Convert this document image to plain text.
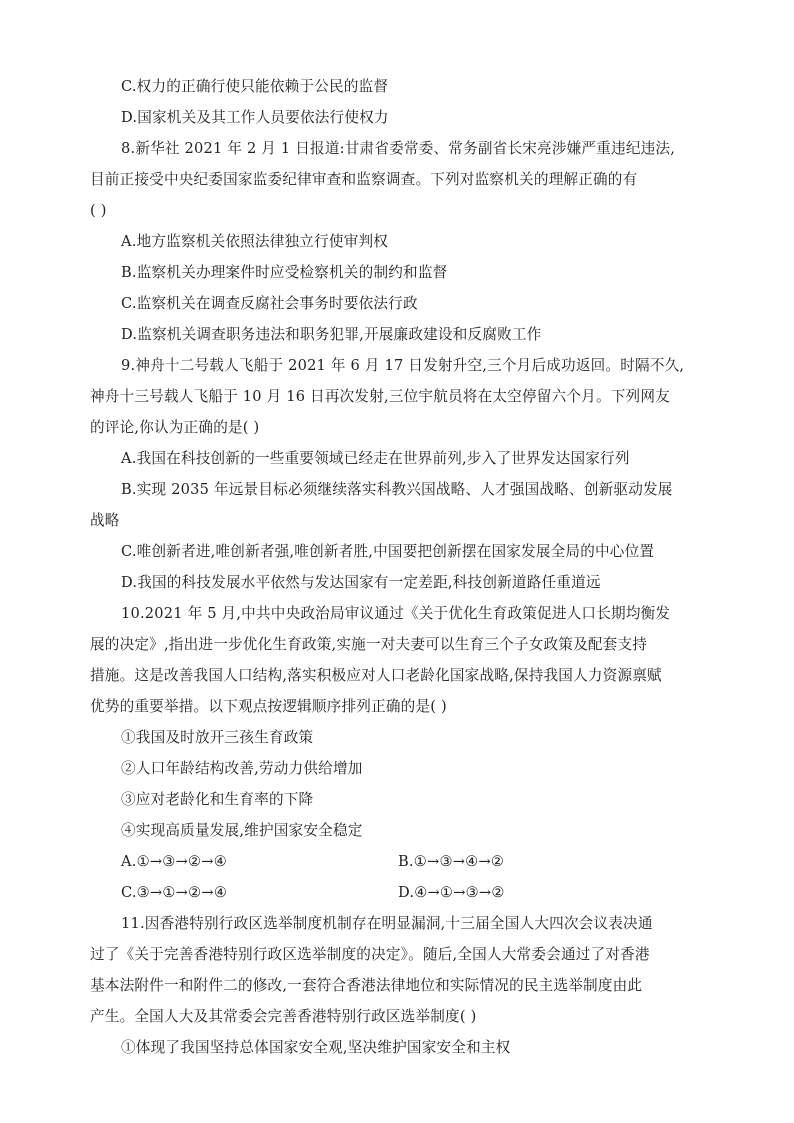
C.权力的正确行使只能依赖于公民的监督
D.国家机关及其工作人员要依法行使权力
8.新华社 2021 年 2 月 1 日报道:甘肃省委常委、常务副省长宋亮涉嫌严重违纪违法,
目前正接受中央纪委国家监委纪律审查和监察调查。下列对监察机关的理解正确的有
( )
A.地方监察机关依照法律独立行使审判权
B.监察机关办理案件时应受检察机关的制约和监督
C.监察机关在调查反腐社会事务时要依法行政
D.监察机关调查职务违法和职务犯罪,开展廉政建设和反腐败工作
9.神舟十二号载人飞船于 2021 年 6 月 17 日发射升空,三个月后成功返回。时隔不久,
神舟十三号载人飞船于 10 月 16 日再次发射,三位宇航员将在太空停留六个月。下列网友
的评论,你认为正确的是( )
A.我国在科技创新的一些重要领域已经走在世界前列,步入了世界发达国家行列
B.实现 2035 年远景目标必须继续落实科教兴国战略、人才强国战略、创新驱动发展
战略
C.唯创新者进,唯创新者强,唯创新者胜,中国要把创新摆在国家发展全局的中心位置
D.我国的科技发展水平依然与发达国家有一定差距,科技创新道路任重道远
10.2021 年 5 月,中共中央政治局审议通过《关于优化生育政策促进人口长期均衡发
展的决定》,指出进一步优化生育政策,实施一对夫妻可以生育三个子女政策及配套支持
措施。这是改善我国人口结构,落实积极应对人口老龄化国家战略,保持我国人力资源禀赋
优势的重要举措。以下观点按逻辑顺序排列正确的是( )
①我国及时放开三孩生育政策
②人口年龄结构改善,劳动力供给增加
③应对老龄化和生育率的下降
④实现高质量发展,维护国家安全稳定
A.①→③→②→④	B.①→③→④→②
C.③→①→②→④	D.④→①→③→②
11.因香港特别行政区选举制度机制存在明显漏洞,十三届全国人大四次会议表决通
过了《关于完善香港特别行政区选举制度的决定》。随后,全国人大常委会通过了对香港
基本法附件一和附件二的修改,一套符合香港法律地位和实际情况的民主选举制度由此
产生。全国人大及其常委会完善香港特别行政区选举制度( )
①体现了我国坚持总体国家安全观,坚决维护国家安全和主权
